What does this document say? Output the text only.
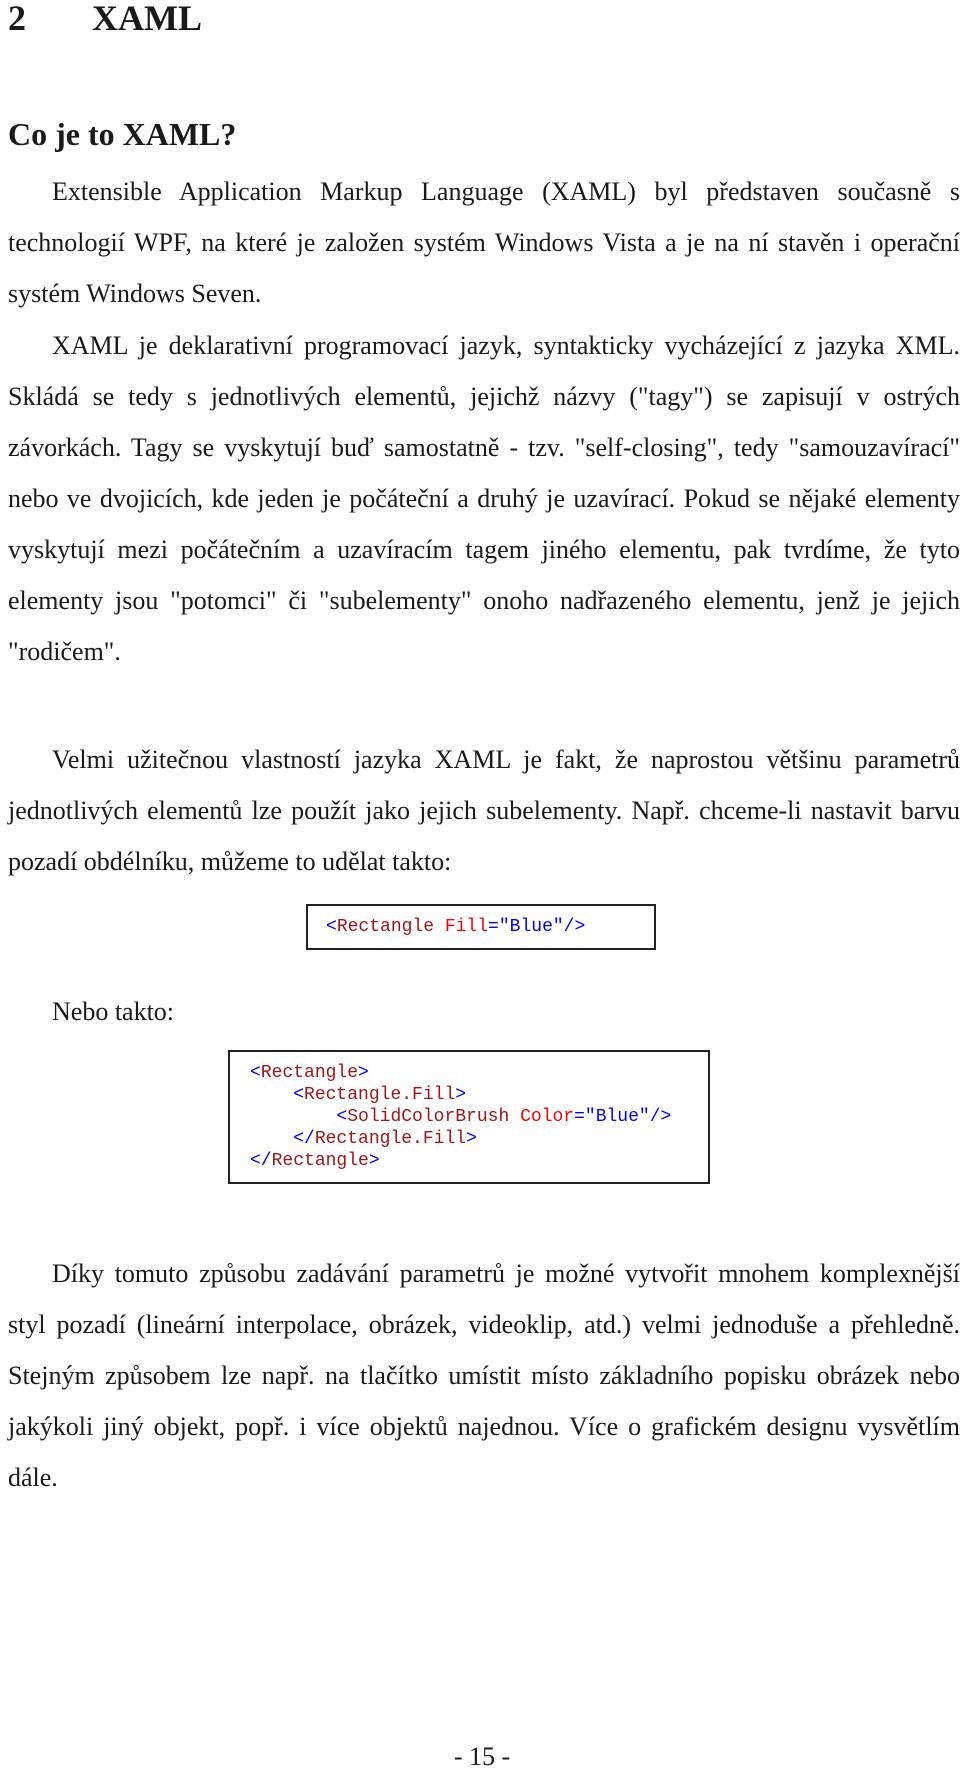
2 XAML
Co je to XAML?

Extensible Application Markup Language (XAML) byl představen současně s technologií WPF, na které je založen systém Windows Vista a je na ní stavěn i operační systém Windows Seven.

XAML je deklarativní programovací jazyk, syntakticky vycházející z jazyka XML. Skládá se tedy s jednotlivých elementů, jejichž názvy ("tagy") se zapisují v ostrých závorkách. Tagy se vyskytují buď samostatně - tzv. "self-closing", tedy "samouzavírací" nebo ve dvojicích, kde jeden je počáteční a druhý je uzavírací. Pokud se nějaké elementy vyskytují mezi počátečním a uzavíracím tagem jiného elementu, pak tvrdíme, že tyto elementy jsou "potomci" či "subelementy" onoho nadřazeného elementu, jenž je jejich "rodičem".

Velmi užitečnou vlastností jazyka XAML je fakt, že naprostou většinu parametrů jednotlivých elementů lze použít jako jejich subelementy. Např. chceme-li nastavit barvu pozadí obdélníku, můžeme to udělat takto:

<Rectangle Fill="Blue"/>

Nebo takto:

<Rectangle>
<Rectangle.Fill>
<SolidColorBrush Color="Blue"/>
</Rectangle.Fill>
</Rectangle>

Díky tomuto způsobu zadávání parametrů je možné vytvořit mnohem komplexnější styl pozadí (lineární interpolace, obrázek, videoklip, atd.) velmi jednoduše a přehledně. Stejným způsobem lze např. na tlačítko umístit místo základního popisku obrázek nebo jakýkoli jiný objekt, popř. i více objektů najednou. Více o grafickém designu vysvětlím dále.

- 15 -
